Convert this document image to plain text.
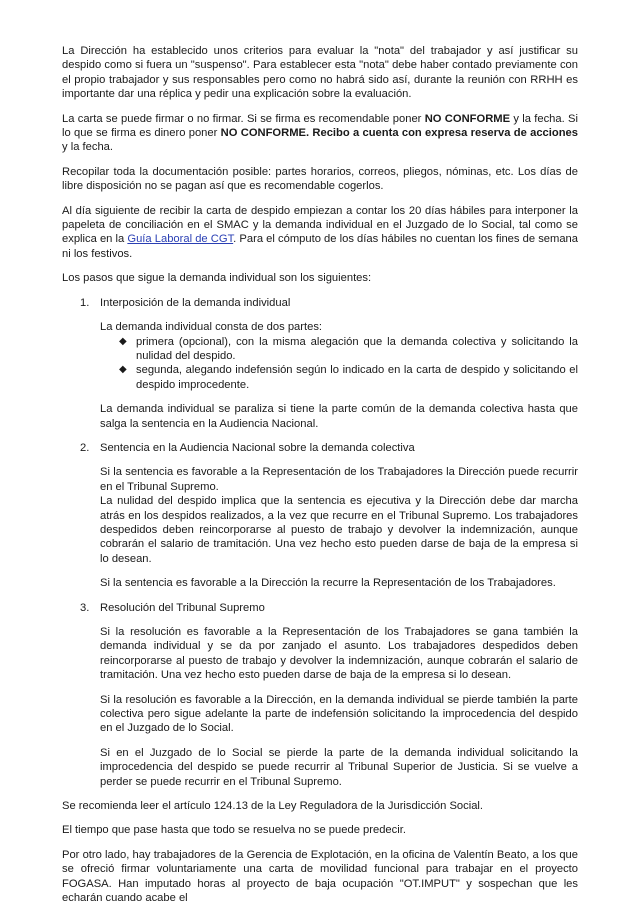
La Dirección ha establecido unos criterios para evaluar la "nota" del trabajador y así justificar su despido como si fuera un "suspenso". Para establecer esta "nota" debe haber contado previamente con el propio trabajador y sus responsables pero como no habrá sido así, durante la reunión con RRHH es importante dar una réplica y pedir una explicación sobre la evaluación.

La carta se puede firmar o no firmar. Si se firma es recomendable poner NO CONFORME y la fecha. Si lo que se firma es dinero poner NO CONFORME. Recibo a cuenta con expresa reserva de acciones y la fecha.

Recopilar toda la documentación posible: partes horarios, correos, pliegos, nóminas, etc. Los días de libre disposición no se pagan así que es recomendable cogerlos.

Al día siguiente de recibir la carta de despido empiezan a contar los 20 días hábiles para interponer la papeleta de conciliación en el SMAC y la demanda individual en el Juzgado de lo Social, tal como se explica en la Guía Laboral de CGT. Para el cómputo de los días hábiles no cuentan los fines de semana ni los festivos.

Los pasos que sigue la demanda individual son los siguientes:

1. Interposición de la demanda individual
La demanda individual consta de dos partes:
◆ primera (opcional), con la misma alegación que la demanda colectiva y solicitando la nulidad del despido.
◆ segunda, alegando indefensión según lo indicado en la carta de despido y solicitando el despido improcedente.
La demanda individual se paraliza si tiene la parte común de la demanda colectiva hasta que salga la sentencia en la Audiencia Nacional.
2. Sentencia en la Audiencia Nacional sobre la demanda colectiva
Si la sentencia es favorable a la Representación de los Trabajadores la Dirección puede recurrir en el Tribunal Supremo.
La nulidad del despido implica que la sentencia es ejecutiva y la Dirección debe dar marcha atrás en los despidos realizados, a la vez que recurre en el Tribunal Supremo. Los trabajadores despedidos deben reincorporarse al puesto de trabajo y devolver la indemnización, aunque cobrarán el salario de tramitación. Una vez hecho esto pueden darse de baja de la empresa si lo desean.
Si la sentencia es favorable a la Dirección la recurre la Representación de los Trabajadores.
3. Resolución del Tribunal Supremo
Si la resolución es favorable a la Representación de los Trabajadores se gana también la demanda individual y se da por zanjado el asunto. Los trabajadores despedidos deben reincorporarse al puesto de trabajo y devolver la indemnización, aunque cobrarán el salario de tramitación. Una vez hecho esto pueden darse de baja de la empresa si lo desean.
Si la resolución es favorable a la Dirección, en la demanda individual se pierde también la parte colectiva pero sigue adelante la parte de indefensión solicitando la improcedencia del despido en el Juzgado de lo Social.
Si en el Juzgado de lo Social se pierde la parte de la demanda individual solicitando la improcedencia del despido se puede recurrir al Tribunal Superior de Justicia. Si se vuelve a perder se puede recurrir en el Tribunal Supremo.

Se recomienda leer el artículo 124.13 de la Ley Reguladora de la Jurisdicción Social.

El tiempo que pase hasta que todo se resuelva no se puede predecir.

Por otro lado, hay trabajadores de la Gerencia de Explotación, en la oficina de Valentín Beato, a los que se ofreció firmar voluntariamente una carta de movilidad funcional para trabajar en el proyecto FOGASA. Han imputado horas al proyecto de baja ocupación "OT.IMPUT" y sospechan que les echarán cuando acabe el
